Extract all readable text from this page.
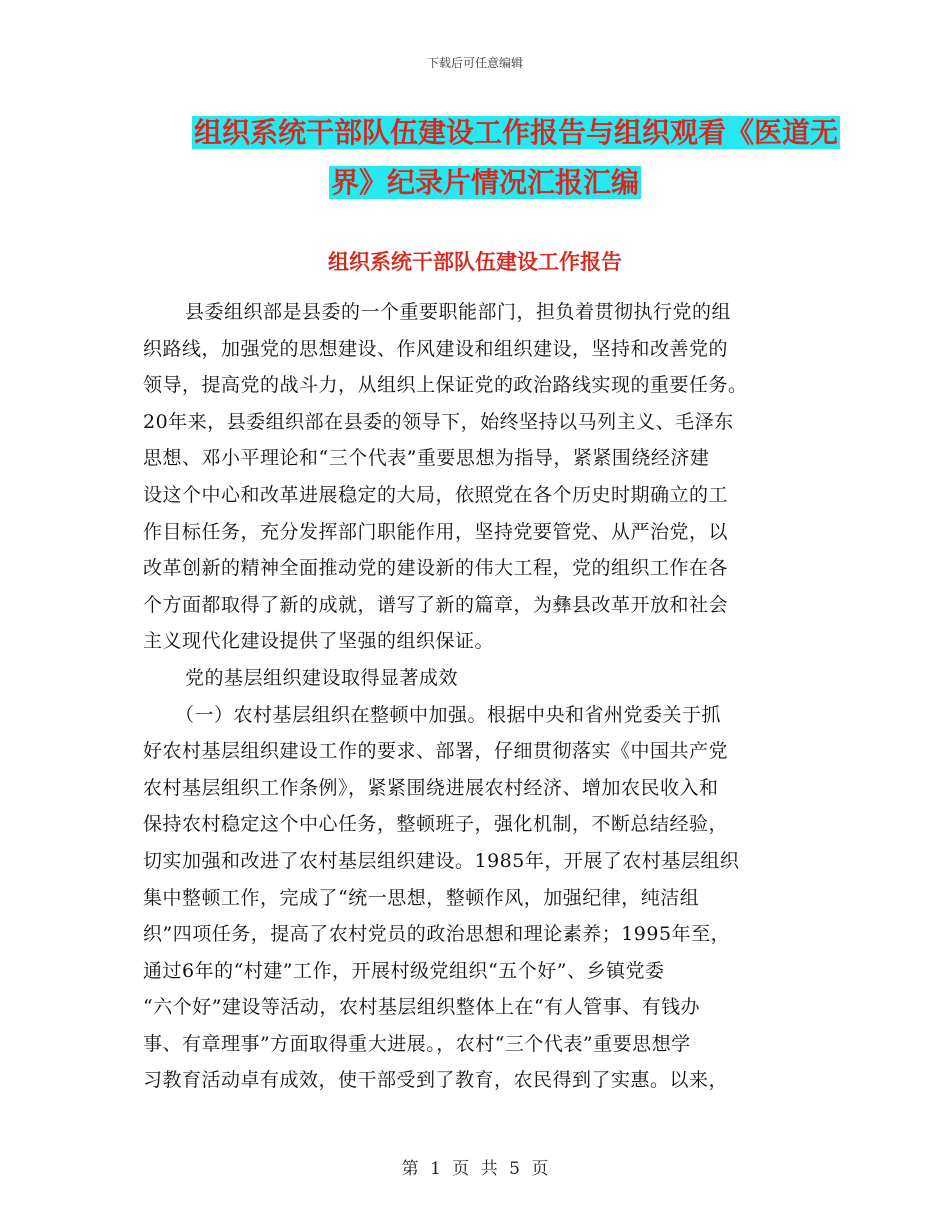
下载后可任意编辑
组织系统干部队伍建设工作报告与组织观看《医道无
界》纪录片情况汇报汇编
组织系统干部队伍建设工作报告
县委组织部是县委的一个重要职能部门，担负着贯彻执行党的组
织路线，加强党的思想建设、作风建设和组织建设，坚持和改善党的
领导，提高党的战斗力，从组织上保证党的政治路线实现的重要任务。
20年来，县委组织部在县委的领导下，始终坚持以马列主义、毛泽东
思想、邓小平理论和“三个代表”重要思想为指导，紧紧围绕经济建
设这个中心和改革进展稳定的大局，依照党在各个历史时期确立的工
作目标任务，充分发挥部门职能作用，坚持党要管党、从严治党，以
改革创新的精神全面推动党的建设新的伟大工程，党的组织工作在各
个方面都取得了新的成就，谱写了新的篇章，为彝县改革开放和社会
主义现代化建设提供了坚强的组织保证。
党的基层组织建设取得显著成效
（一）农村基层组织在整顿中加强。根据中央和省州党委关于抓
好农村基层组织建设工作的要求、部署，仔细贯彻落实《中国共产党
农村基层组织工作条例》，紧紧围绕进展农村经济、增加农民收入和
保持农村稳定这个中心任务，整顿班子，强化机制，不断总结经验，
切实加强和改进了农村基层组织建设。1985年，开展了农村基层组织
集中整顿工作，完成了“统一思想，整顿作风，加强纪律，纯洁组
织”四项任务，提高了农村党员的政治思想和理论素养；1995年至，
通过6年的“村建”工作，开展村级党组织“五个好”、乡镇党委
“六个好”建设等活动，农村基层组织整体上在“有人管事、有钱办
事、有章理事”方面取得重大进展。，农村“三个代表”重要思想学
习教育活动卓有成效，使干部受到了教育，农民得到了实惠。以来，
第 1 页 共 5 页
